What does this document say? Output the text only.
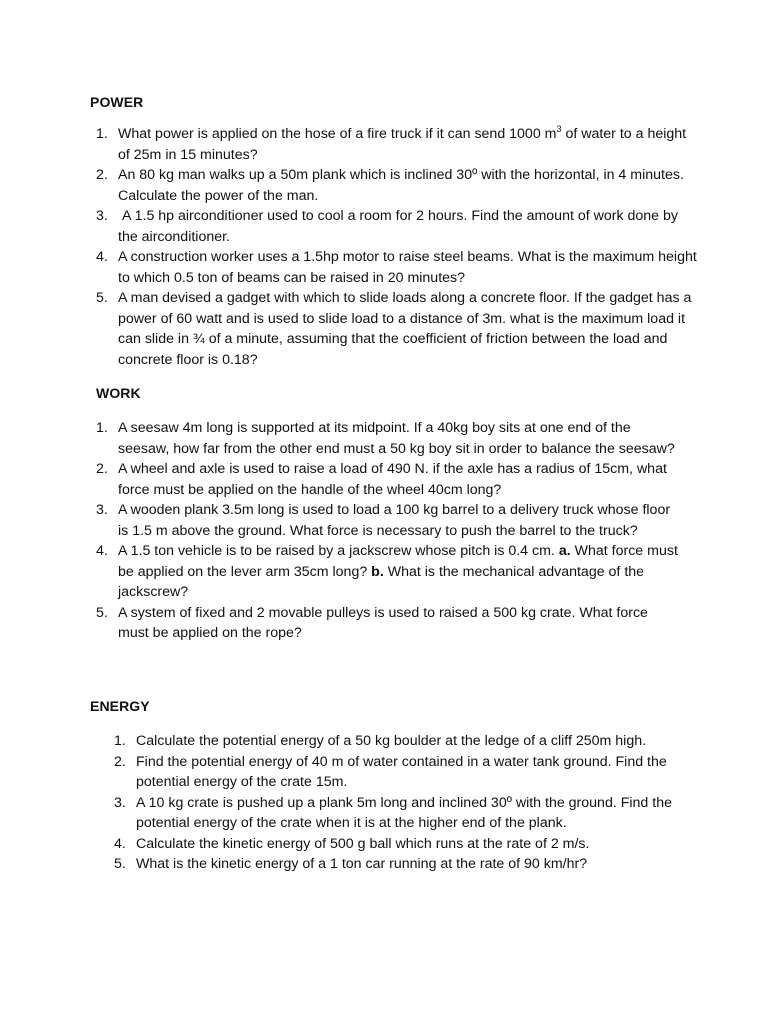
POWER
1. What power is applied on the hose of a fire truck if it can send 1000 $m^3$ of water to a height of 25m in 15 minutes?
2. An 80 kg man walks up a 50m plank which is inclined 30º with the horizontal, in 4 minutes. Calculate the power of the man.
3. A 1.5 hp airconditioner used to cool a room for 2 hours. Find the amount of work done by the airconditioner.
4. A construction worker uses a 1.5hp motor to raise steel beams. What is the maximum height to which 0.5 ton of beams can be raised in 20 minutes?
5. A man devised a gadget with which to slide loads along a concrete floor. If the gadget has a power of 60 watt and is used to slide load to a distance of 3m. what is the maximum load it can slide in ¾ of a minute, assuming that the coefficient of friction between the load and concrete floor is 0.18?
WORK
1. A seesaw 4m long is supported at its midpoint. If a 40kg boy sits at one end of the seesaw, how far from the other end must a 50 kg boy sit in order to balance the seesaw?
2. A wheel and axle is used to raise a load of 490 N. if the axle has a radius of 15cm, what force must be applied on the handle of the wheel 40cm long?
3. A wooden plank 3.5m long is used to load a 100 kg barrel to a delivery truck whose floor is 1.5 m above the ground. What force is necessary to push the barrel to the truck?
4. A 1.5 ton vehicle is to be raised by a jackscrew whose pitch is 0.4 cm. a. What force must be applied on the lever arm 35cm long? b. What is the mechanical advantage of the jackscrew?
5. A system of fixed and 2 movable pulleys is used to raised a 500 kg crate. What force must be applied on the rope?
ENERGY
1. Calculate the potential energy of a 50 kg boulder at the ledge of a cliff 250m high.
2. Find the potential energy of 40 m of water contained in a water tank ground. Find the potential energy of the crate 15m.
3. A 10 kg crate is pushed up a plank 5m long and inclined 30º with the ground. Find the potential energy of the crate when it is at the higher end of the plank.
4. Calculate the kinetic energy of 500 g ball which runs at the rate of 2 m/s.
5. What is the kinetic energy of a 1 ton car running at the rate of 90 km/hr?
